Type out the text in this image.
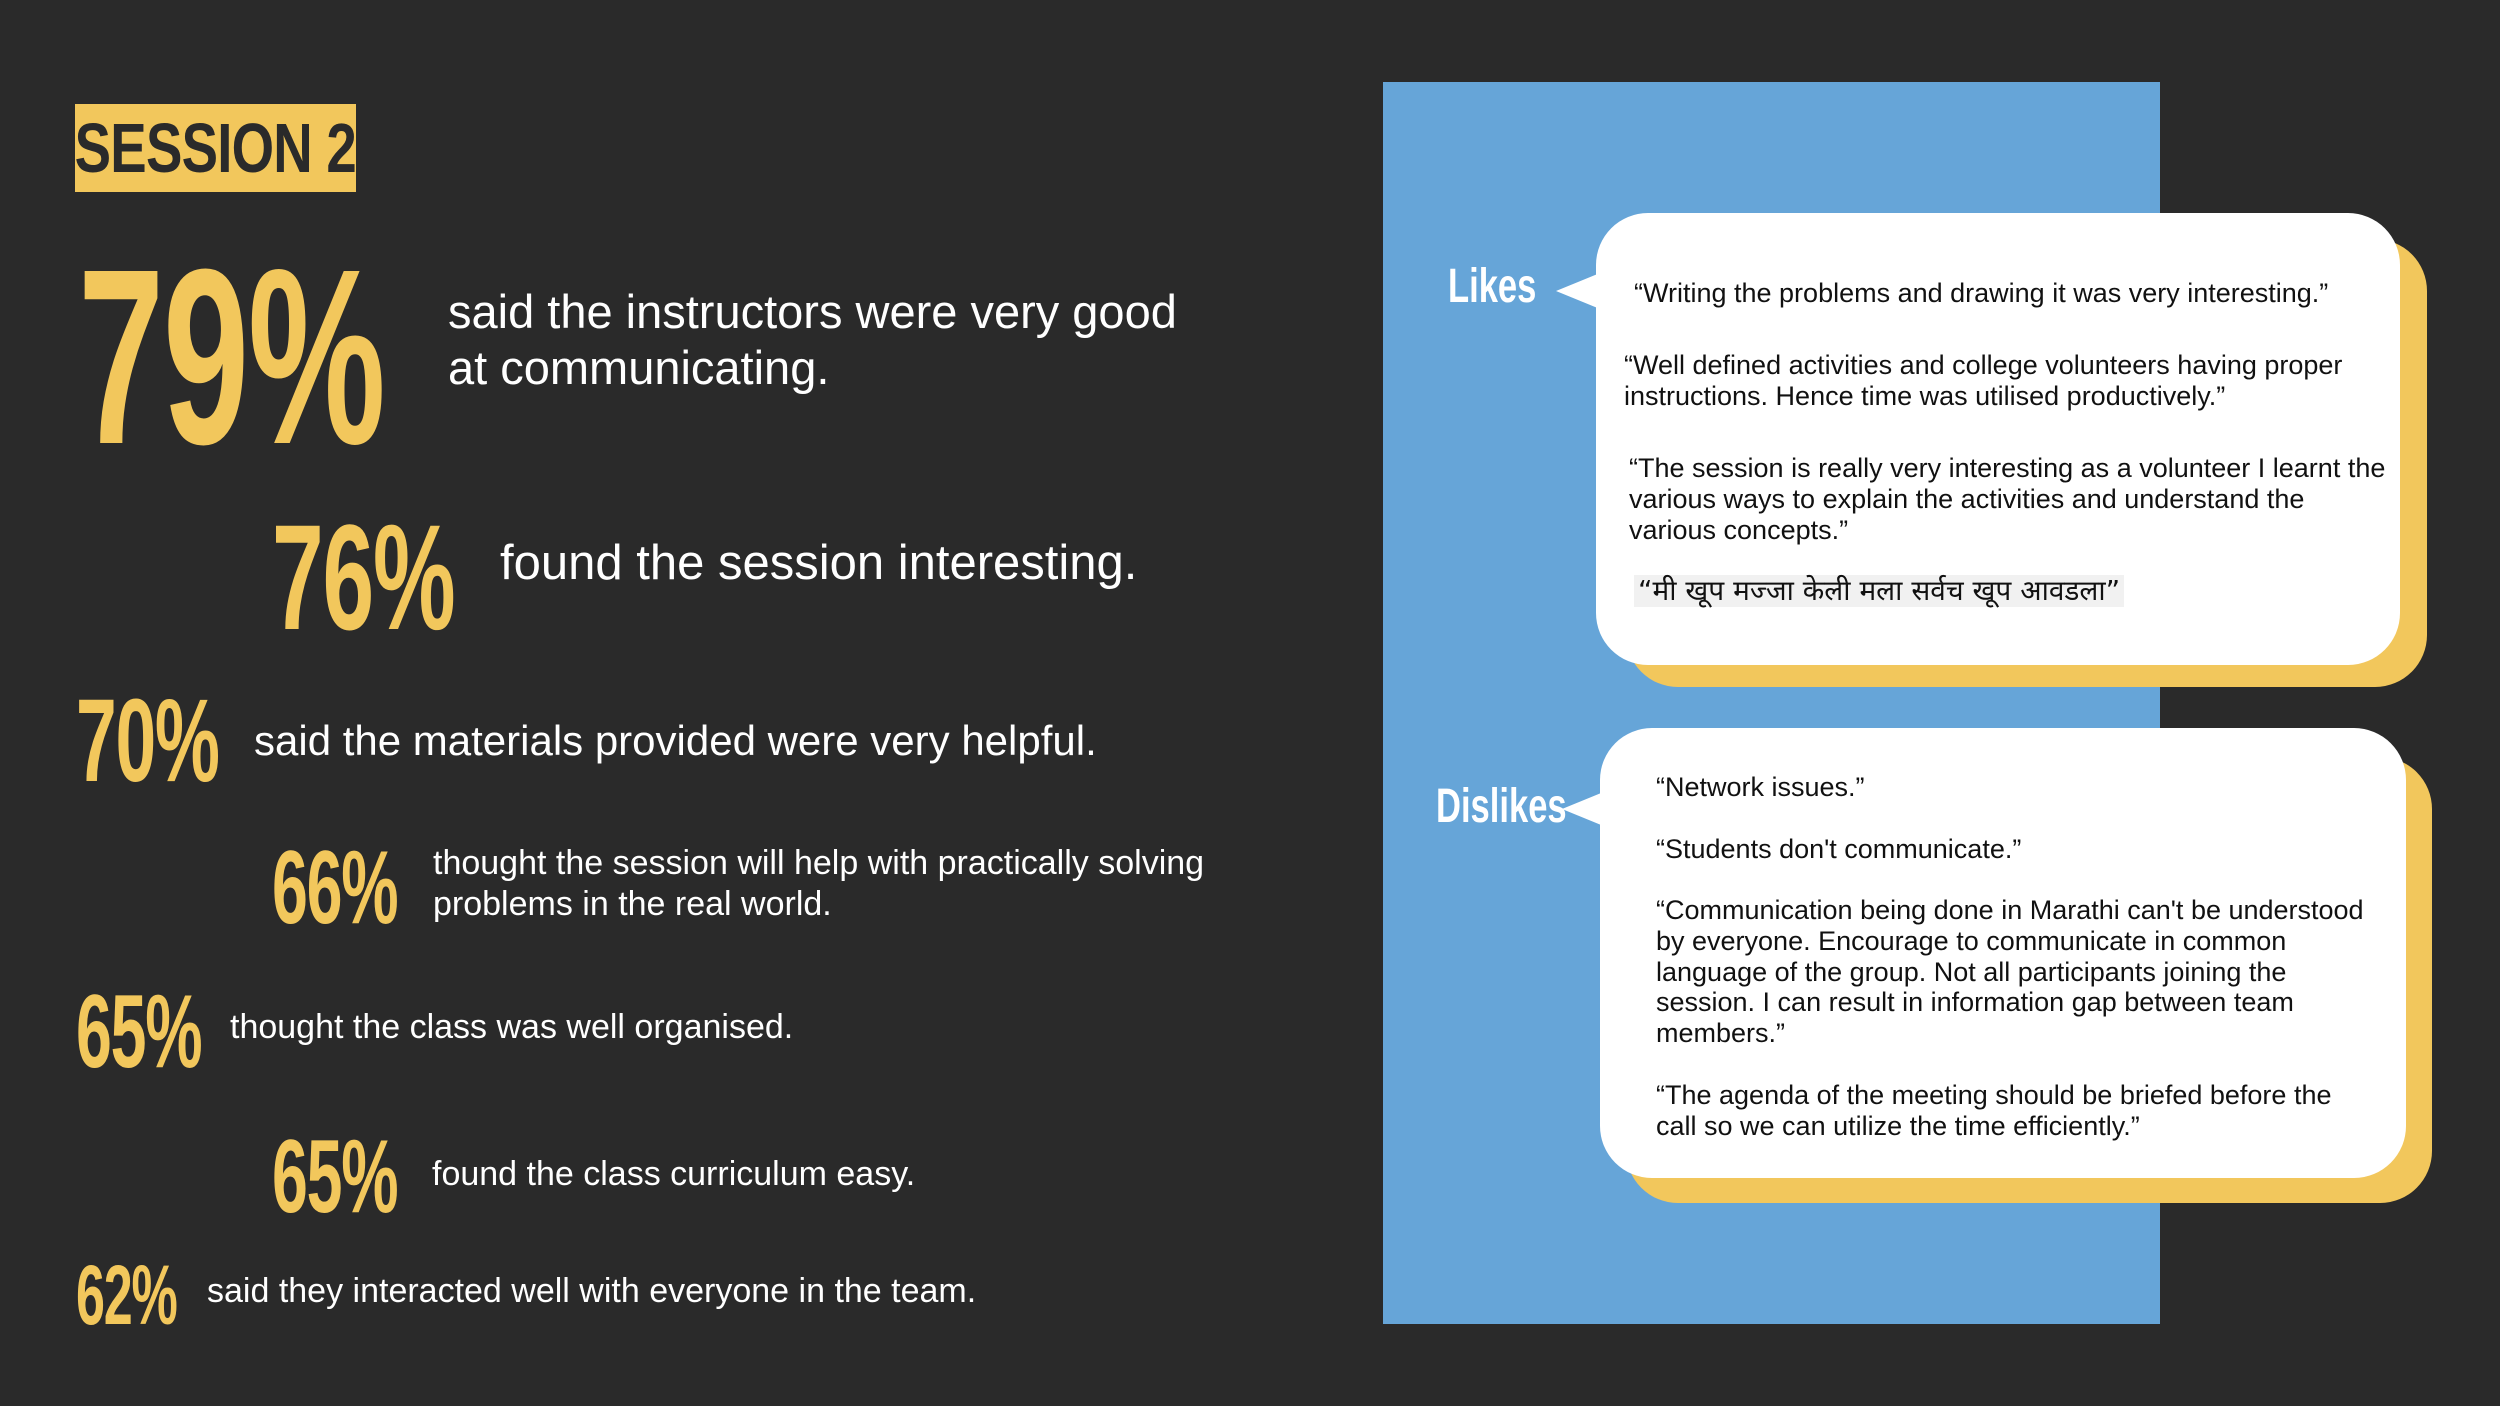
SESSION 2
79% said the instructors were very good at communicating.
76% found the session interesting.
70% said the materials provided were very helpful.
66% thought the session will help with practically solving problems in the real world.
65% thought the class was well organised.
65% found the class curriculum easy.
62% said they interacted well with everyone in the team.
Likes	“Writing the problems and drawing it was very interesting.”
“Well defined activities and college volunteers having proper instructions. Hence time was utilised productively.”
“The session is really very interesting as a volunteer I learnt the various ways to explain the activities and understand the various concepts.”
“मी खूप मज्जा केली मला सर्वच खूप आवडला”
Dislikes	“Network issues.”
“Students don't communicate.”
“Communication being done in Marathi can't be understood by everyone. Encourage to communicate in common language of the group. Not all participants joining the session. I can result in information gap between team members.”
“The agenda of the meeting should be briefed before the call so we can utilize the time efficiently.”
